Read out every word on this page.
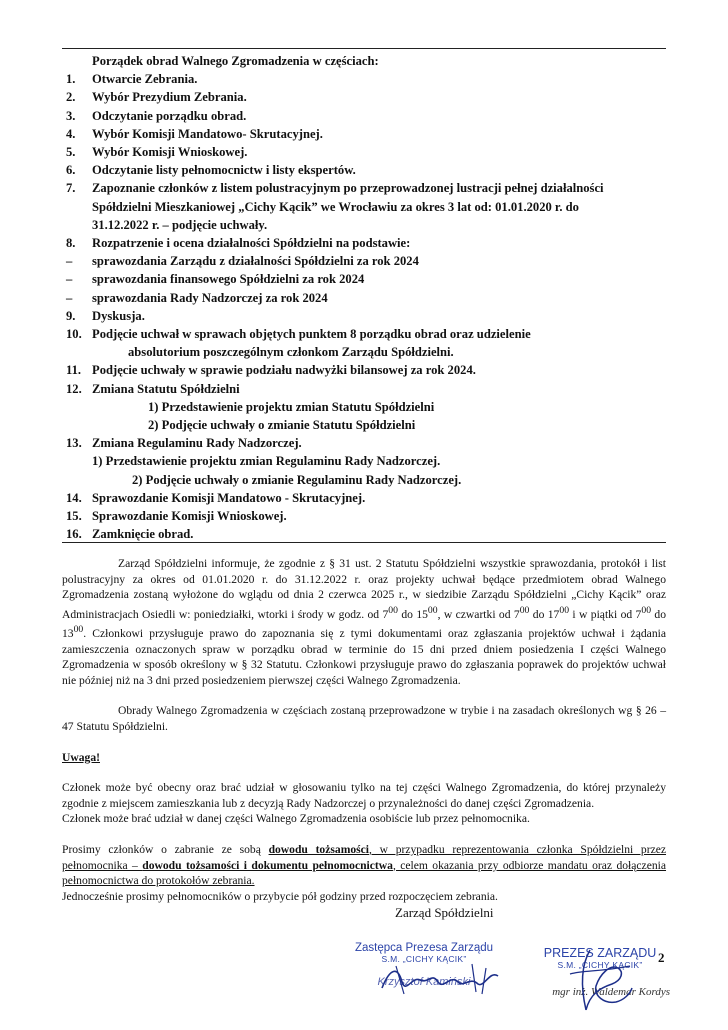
Porządek obrad Walnego Zgromadzenia w częściach:
1. Otwarcie Zebrania.
2. Wybór Prezydium Zebrania.
3. Odczytanie porządku obrad.
4. Wybór Komisji Mandatowo- Skrutacyjnej.
5. Wybór Komisji Wnioskowej.
6. Odczytanie listy pełnomocnictw i listy ekspertów.
7. Zapoznanie członków z listem polustracyjnym po przeprowadzonej lustracji pełnej działalności
Spółdzielni Mieszkaniowej „Cichy Kącik” we Wrocławiu za okres 3 lat od: 01.01.2020 r. do
31.12.2022 r. – podjęcie uchwały.
8. Rozpatrzenie i ocena działalności Spółdzielni na podstawie:
– sprawozdania Zarządu z działalności Spółdzielni za rok 2024
– sprawozdania finansowego Spółdzielni za rok 2024
– sprawozdania Rady Nadzorczej za rok 2024
9. Dyskusja.
10. Podjęcie uchwał w sprawach objętych punktem 8 porządku obrad oraz udzielenie
absolutorium poszczególnym członkom Zarządu Spółdzielni.
11. Podjęcie uchwały w sprawie podziału nadwyżki bilansowej za rok 2024.
12. Zmiana Statutu Spółdzielni
1) Przedstawienie projektu zmian Statutu Spółdzielni
2) Podjęcie uchwały o zmianie Statutu Spółdzielni
13. Zmiana Regulaminu Rady Nadzorczej.
1) Przedstawienie projektu zmian Regulaminu Rady Nadzorczej.
2) Podjęcie uchwały o zmianie Regulaminu Rady Nadzorczej.
14. Sprawozdanie Komisji Mandatowo - Skrutacyjnej.
15. Sprawozdanie Komisji Wnioskowej.
16. Zamknięcie obrad.

Zarząd Spółdzielni informuje, że zgodnie z § 31 ust. 2 Statutu Spółdzielni wszystkie sprawozdania, protokół i list polustracyjny za okres od 01.01.2020 r. do 31.12.2022 r. oraz projekty uchwał będące przedmiotem obrad Walnego Zgromadzenia zostaną wyłożone do wglądu od dnia 2 czerwca 2025 r., w siedzibie Zarządu Spółdzielni „Cichy Kącik” oraz Administracjach Osiedli w: poniedziałki, wtorki i środy w godz. od $7^{00}$ do $15^{00}$, w czwartki od $7^{00}$ do $17^{00}$ i w piątki od $7^{00}$ do $13^{00}$. Członkowi przysługuje prawo do zapoznania się z tymi dokumentami oraz zgłaszania projektów uchwał i żądania zamieszczenia oznaczonych spraw w porządku obrad w terminie do 15 dni przed dniem posiedzenia I części Walnego Zgromadzenia w sposób określony w § 32 Statutu. Członkowi przysługuje prawo do zgłaszania poprawek do projektów uchwał nie później niż na 3 dni przed posiedzeniem pierwszej części Walnego Zgromadzenia.

Obrady Walnego Zgromadzenia w częściach zostaną przeprowadzone w trybie i na zasadach określonych wg § 26 – 47 Statutu Spółdzielni.

Uwaga!

Członek może być obecny oraz brać udział w głosowaniu tylko na tej części Walnego Zgromadzenia, do której przynależy zgodnie z miejscem zamieszkania lub z decyzją Rady Nadzorczej o przynależności do danej części Zgromadzenia.

Członek może brać udział w danej części Walnego Zgromadzenia osobiście lub przez pełnomocnika.

Prosimy członków o zabranie ze sobą dowodu tożsamości, w przypadku reprezentowania członka Spółdzielni przez pełnomocnika – dowodu tożsamości i dokumentu pełnomocnictwa, celem okazania przy odbiorze mandatu oraz dołączenia pełnomocnictwa do protokołów zebrania.

Jednocześnie prosimy pełnomocników o przybycie pół godziny przed rozpoczęciem zebrania.

Zarząd Spółdzielni
Zastępca Prezesa Zarządu
S.M. „CICHY KĄCIK”
Krzysztof Kamiński
PREZES ZARZĄDU
S.M. „CICHY KĄCIK”
mgr inż. Waldemar Kordys
2
